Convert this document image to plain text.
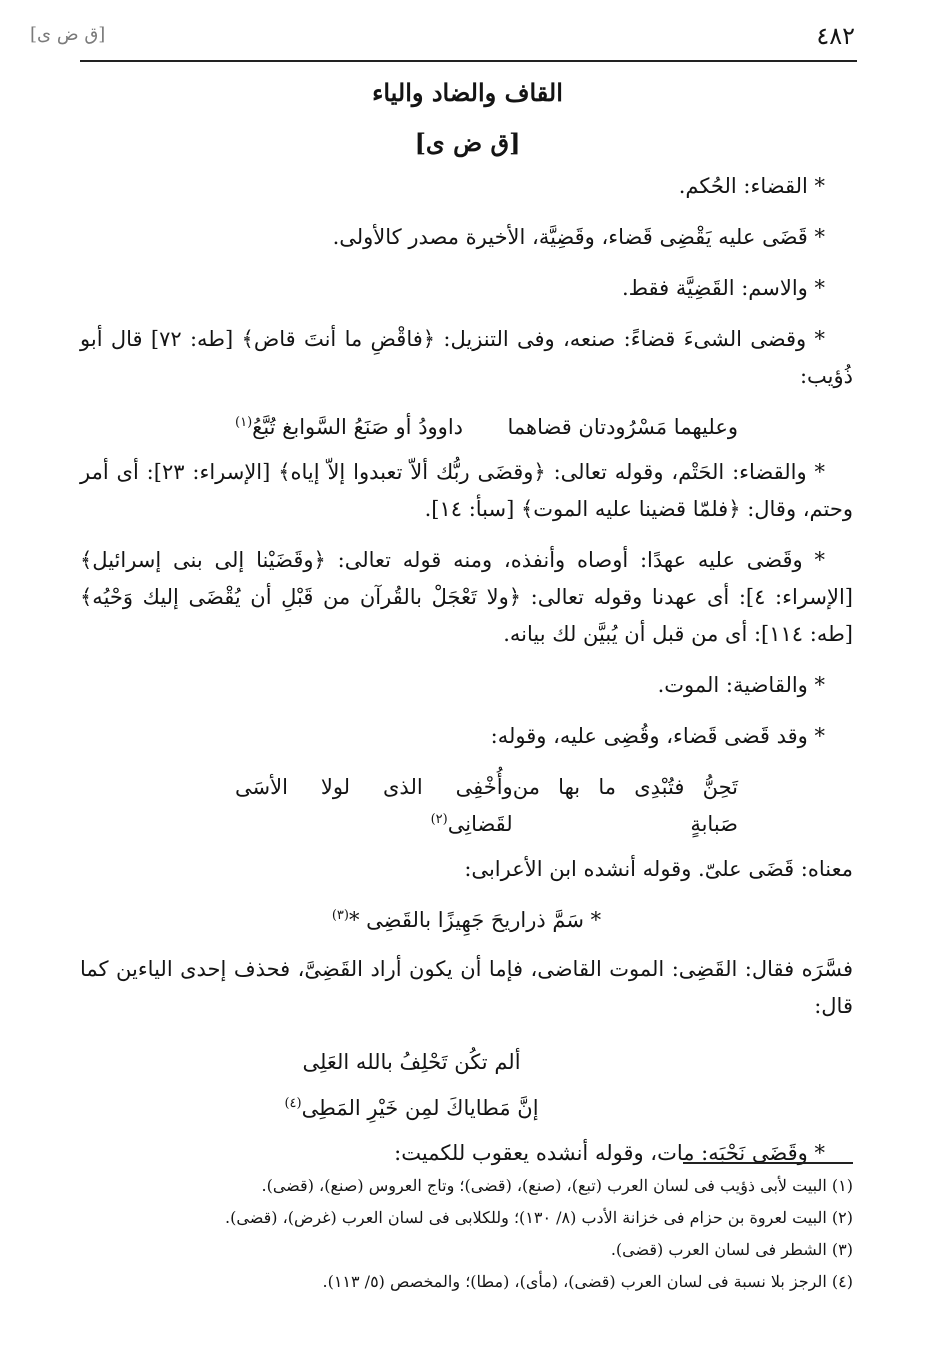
٤٨٢
[ق ض ى]
القاف والضاد والياء
[ق ض ى]

* القضاء: الحُكم.

* قَضَى عليه يَقْضِى قَضاء، وقَضِيَّة، الأخيرة مصدر كالأولى.

* والاسم: القَضِيَّة فقط.

* وقضى الشىءَ قضاءً: صنعه، وفى التنزيل: ﴿فاقْضِ ما أنتَ قاض﴾ [طه: ٧٢] قال أبو ذُؤيب:

وعليهما مَسْرُودتان قضاهما
داوودُ أو صَنَعُ السَّوابغ تُبَّعُ$^{(١)}$

* والقضاء: الحَتْم، وقوله تعالى: ﴿وقضَى ربُّك ألاّ تعبدوا إلاّ إياه﴾ [الإسراء: ٢٣]: أى أمر وحتم، وقال: ﴿فلمّا قضينا عليه الموت﴾ [سبأ: ١٤].

* وقَضى عليه عهدًا: أوصاه وأنفذه، ومنه قوله تعالى: ﴿وقَضَيْنا إلى بنى إسرائيل﴾ [الإسراء: ٤]: أى عهدنا وقوله تعالى: ﴿ولا تَعْجَلْ بالقُرآن من قَبْلِ أن يُقْضَى إليك وَحْيُه﴾ [طه: ١١٤]: أى من قبل أن يُبيَّن لك بيانه.

* والقاضية: الموت.

* وقد قَضى قَضاء، وقُضِى عليه، وقوله:

تَحِنُّ فتُبْدِى ما بها من صَبابةٍ
وأُخْفِى الذى لولا الأسَى لقَضانِى$^{(٢)}$

معناه: قَضَى علىّ. وقوله أنشده ابن الأعرابى:

* سَمَّ ذراريحَ جَهِيزًا بالقَضِى *$^{(٣)}$

فسَّرَه فقال: القَضِى: الموت القاضى، فإما أن يكون أراد القَضِىَّ، فحذف إحدى الياءين كما قال:

ألم تكُن تَحْلِفُ بالله العَلِى
إنَّ مَطاياكَ لمِن خَيْرِ المَطِى$^{(٤)}$

* وقَضَى نَحْبَه: مات، وقوله أنشده يعقوب للكميت:

(١) البيت لأبى ذؤيب فى لسان العرب (تبع)، (صنع)، (قضى)؛ وتاج العروس (صنع)، (قضى).
(٢) البيت لعروة بن حزام فى خزانة الأدب (٨/ ١٣٠)؛ وللكلابى فى لسان العرب (غرض)، (قضى).
(٣) الشطر فى لسان العرب (قضى).
(٤) الرجز بلا نسبة فى لسان العرب (قضى)، (مأى)، (مطا)؛ والمخصص (٥/ ١١٣).
